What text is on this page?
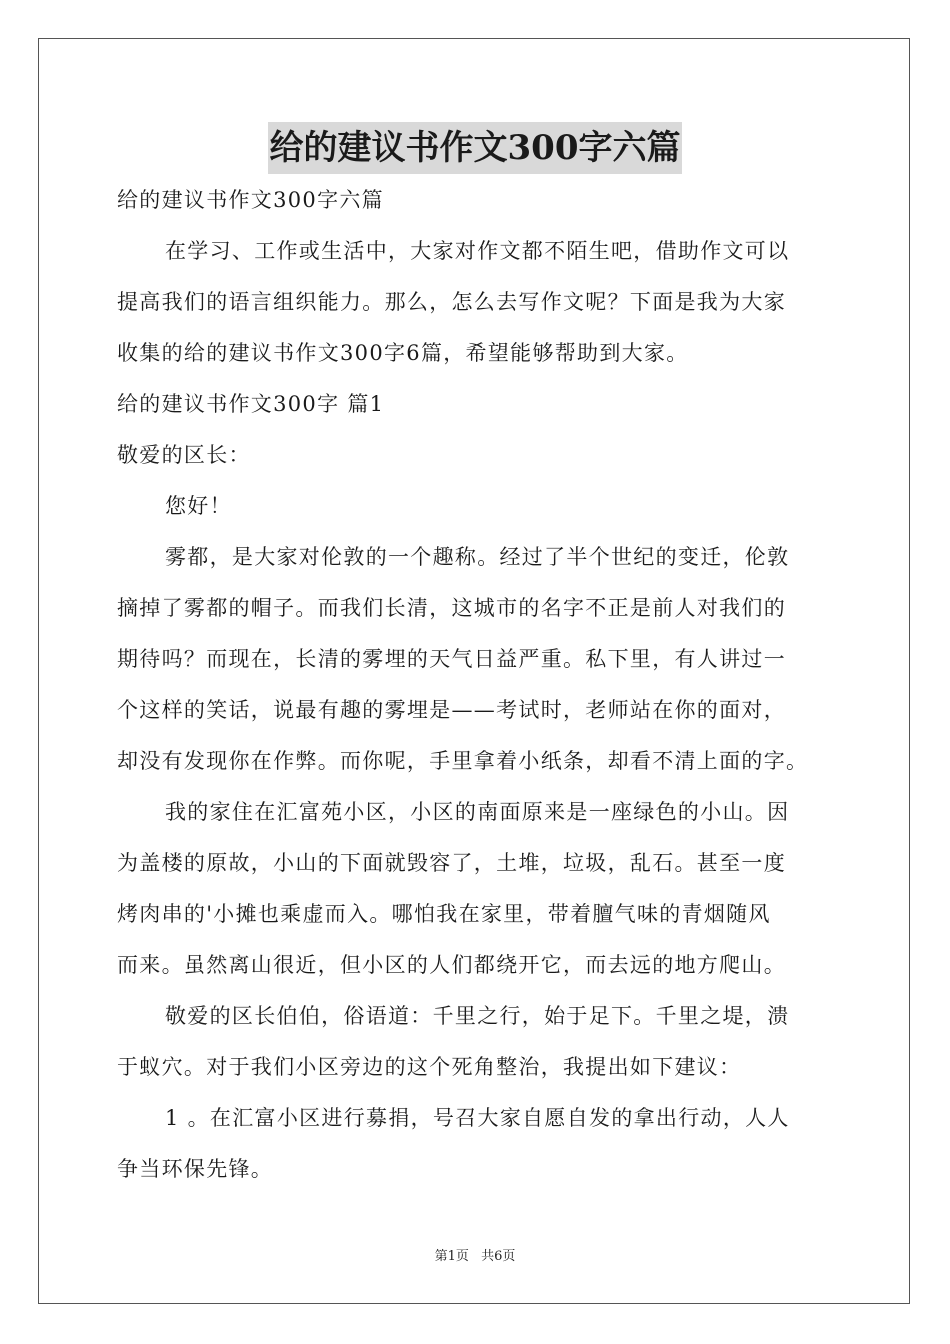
给的建议书作文300字六篇
给的建议书作文300字六篇
在学习、工作或生活中，大家对作文都不陌生吧，借助作文可以
提高我们的语言组织能力。那么，怎么去写作文呢？下面是我为大家
收集的给的建议书作文300字6篇，希望能够帮助到大家。
给的建议书作文300字 篇1
敬爱的区长：
您好！
雾都，是大家对伦敦的一个趣称。经过了半个世纪的变迁，伦敦
摘掉了雾都的帽子。而我们长清，这城市的名字不正是前人对我们的
期待吗？而现在，长清的雾埋的天气日益严重。私下里，有人讲过一
个这样的笑话，说最有趣的雾埋是——考试时，老师站在你的面对，
却没有发现你在作弊。而你呢，手里拿着小纸条，却看不清上面的字。
我的家住在汇富苑小区，小区的南面原来是一座绿色的小山。因
为盖楼的原故，小山的下面就毁容了，土堆，垃圾，乱石。甚至一度
烤肉串的'小摊也乘虚而入。哪怕我在家里，带着膻气味的青烟随风
而来。虽然离山很近，但小区的人们都绕开它，而去远的地方爬山。
敬爱的区长伯伯，俗语道：千里之行，始于足下。千里之堤，溃
于蚁穴。对于我们小区旁边的这个死角整治，我提出如下建议：
1 。在汇富小区进行募捐，号召大家自愿自发的拿出行动，人人
争当环保先锋。
第1页 共6页
